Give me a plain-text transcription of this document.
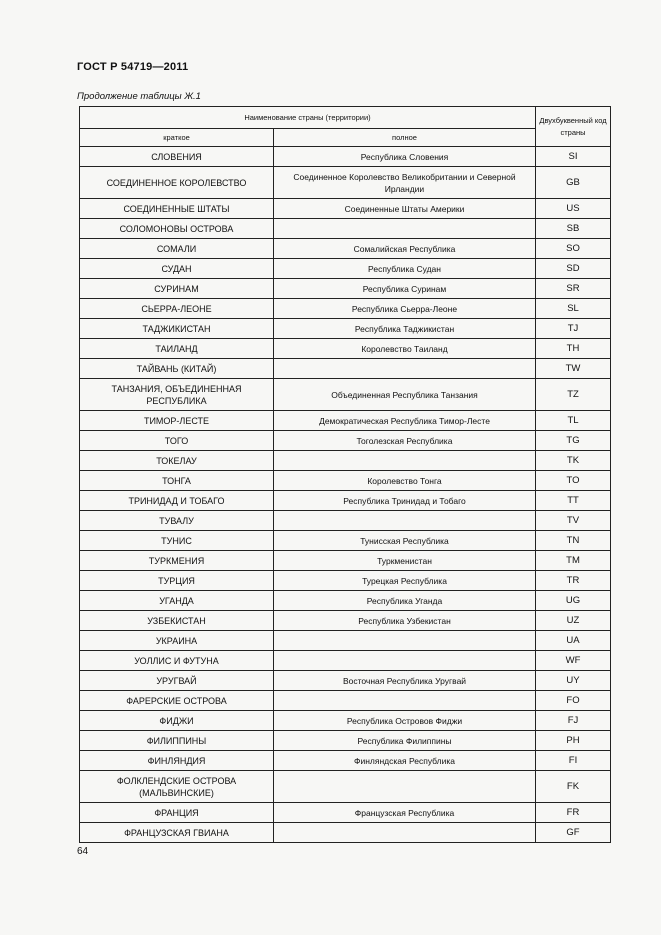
ГОСТ Р 54719—2011
Продолжение таблицы Ж.1
Наименование страны (территории)		Двухбуквенный код страны
краткое	полное	
СЛОВЕНИЯ	Республика Словения	SI
СОЕДИНЕННОЕ КОРОЛЕВСТВО	Соединенное Королевство Великобритании и Северной Ирландии	GB
СОЕДИНЕННЫЕ ШТАТЫ	Соединенные Штаты Америки	US
СОЛОМОНОВЫ ОСТРОВА		SB
СОМАЛИ	Сомалийская Республика	SO
СУДАН	Республика Судан	SD
СУРИНАМ	Республика Суринам	SR
СЬЕРРА-ЛЕОНЕ	Республика Сьерра-Леоне	SL
ТАДЖИКИСТАН	Республика Таджикистан	TJ
ТАИЛАНД	Королевство Таиланд	TH
ТАЙВАНЬ (КИТАЙ)		TW
ТАНЗАНИЯ, ОБЪЕДИНЕННАЯ РЕСПУБЛИКА	Объединенная Республика Танзания	TZ
ТИМОР-ЛЕСТЕ	Демократическая Республика Тимор-Лесте	TL
ТОГО	Тоголезская Республика	TG
ТОКЕЛАУ		TK
ТОНГА	Королевство Тонга	TO
ТРИНИДАД И ТОБАГО	Республика Тринидад и Тобаго	TT
ТУВАЛУ		TV
ТУНИС	Тунисская Республика	TN
ТУРКМЕНИЯ	Туркменистан	TM
ТУРЦИЯ	Турецкая Республика	TR
УГАНДА	Республика Уганда	UG
УЗБЕКИСТАН	Республика Узбекистан	UZ
УКРАИНА		UA
УОЛЛИС И ФУТУНА		WF
УРУГВАЙ	Восточная Республика Уругвай	UY
ФАРЕРСКИЕ ОСТРОВА		FO
ФИДЖИ	Республика Островов Фиджи	FJ
ФИЛИППИНЫ	Республика Филиппины	PH
ФИНЛЯНДИЯ	Финляндская Республика	FI
ФОЛКЛЕНДСКИЕ ОСТРОВА (МАЛЬВИНСКИЕ)		FK
ФРАНЦИЯ	Французская Республика	FR
ФРАНЦУЗСКАЯ ГВИАНА		GF
64
